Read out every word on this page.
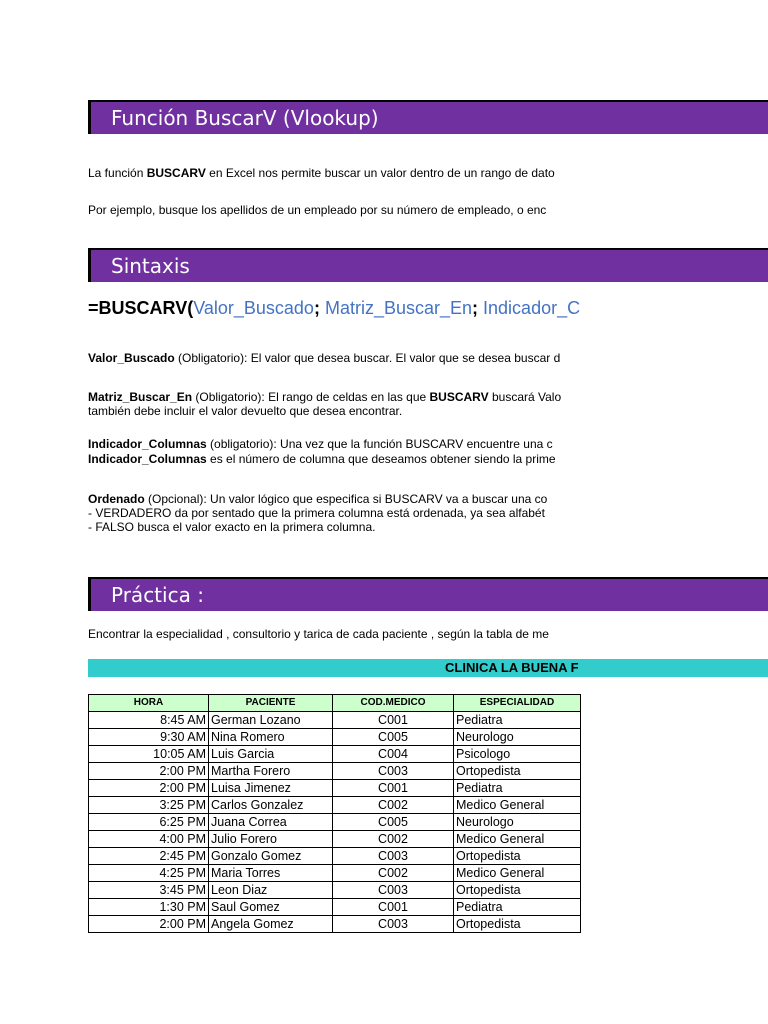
Función BuscarV (Vlookup)
La función BUSCARV en Excel nos permite buscar un valor dentro de un rango de dato
Por ejemplo, busque los apellidos de un empleado por su número de empleado, o enc
Sintaxis
=BUSCARV(Valor_Buscado; Matriz_Buscar_En; Indicador_C
Valor_Buscado (Obligatorio): El valor que desea buscar. El valor que se desea buscar d
Matriz_Buscar_En (Obligatorio): El rango de celdas en las que BUSCARV buscará Valo
también debe incluir el valor devuelto que desea encontrar.
Indicador_Columnas (obligatorio): Una vez que la función BUSCARV encuentre una c
Indicador_Columnas es el número de columna que deseamos obtener siendo la prime
Ordenado (Opcional): Un valor lógico que especifica si BUSCARV va a buscar una co
- VERDADERO da por sentado que la primera columna está ordenada, ya sea alfabét
- FALSO busca el valor exacto en la primera columna.
Práctica :
Encontrar la especialidad , consultorio y tarica de cada paciente , según la tabla de me
CLINICA LA BUENA F
HORA	PACIENTE	COD.MEDICO	ESPECIALIDAD
8:45 AM	German Lozano	C001	Pediatra
9:30 AM	Nina Romero	C005	Neurologo
10:05 AM	Luis Garcia	C004	Psicologo
2:00 PM	Martha Forero	C003	Ortopedista
2:00 PM	Luisa Jimenez	C001	Pediatra
3:25 PM	Carlos Gonzalez	C002	Medico General
6:25 PM	Juana Correa	C005	Neurologo
4:00 PM	Julio Forero	C002	Medico General
2:45 PM	Gonzalo Gomez	C003	Ortopedista
4:25 PM	Maria Torres	C002	Medico General
3:45 PM	Leon Diaz	C003	Ortopedista
1:30 PM	Saul Gomez	C001	Pediatra
2:00 PM	Angela Gomez	C003	Ortopedista
